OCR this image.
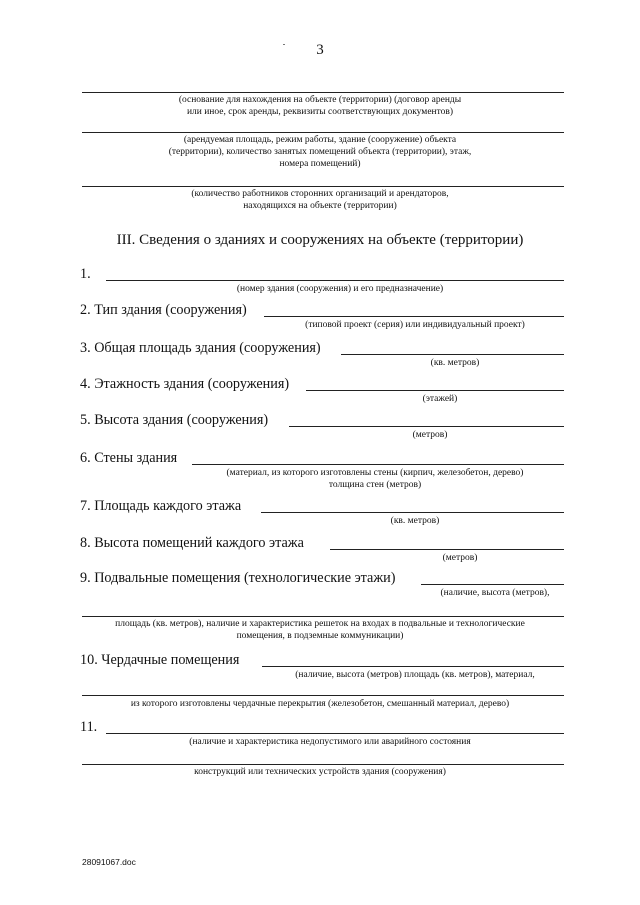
3
(основание для нахождения на объекте (территории) (договор аренды
или иное, срок аренды, реквизиты соответствующих документов)
(арендуемая площадь, режим работы, здание (сооружение) объекта
(территории), количество занятых помещений объекта (территории), этаж,
номера помещений)
(количество работников сторонних организаций и арендаторов,
находящихся на объекте (территории)
III. Сведения о зданиях и сооружениях на объекте (территории)
1.
(номер здания (сооружения) и его предназначение)
2. Тип здания (сооружения)
(типовой проект (серия) или индивидуальный проект)
3. Общая площадь здания (сооружения)
(кв. метров)
4. Этажность здания (сооружения)
(этажей)
5. Высота здания (сооружения)
(метров)
6. Стены здания
(материал, из которого изготовлены стены (кирпич, железобетон, дерево)
толщина стен (метров)
7. Площадь каждого этажа
(кв. метров)
8. Высота помещений каждого этажа
(метров)
9. Подвальные помещения (технологические этажи)
(наличие, высота (метров),
площадь (кв. метров), наличие и характеристика решеток на входах в подвальные и технологические
помещения, в подземные коммуникации)
10. Чердачные помещения
(наличие, высота (метров) площадь (кв. метров), материал,
из которого изготовлены чердачные перекрытия (железобетон, смешанный материал, дерево)
11.
(наличие и характеристика недопустимого или аварийного состояния
конструкций или технических устройств здания (сооружения)
28091067.doc
